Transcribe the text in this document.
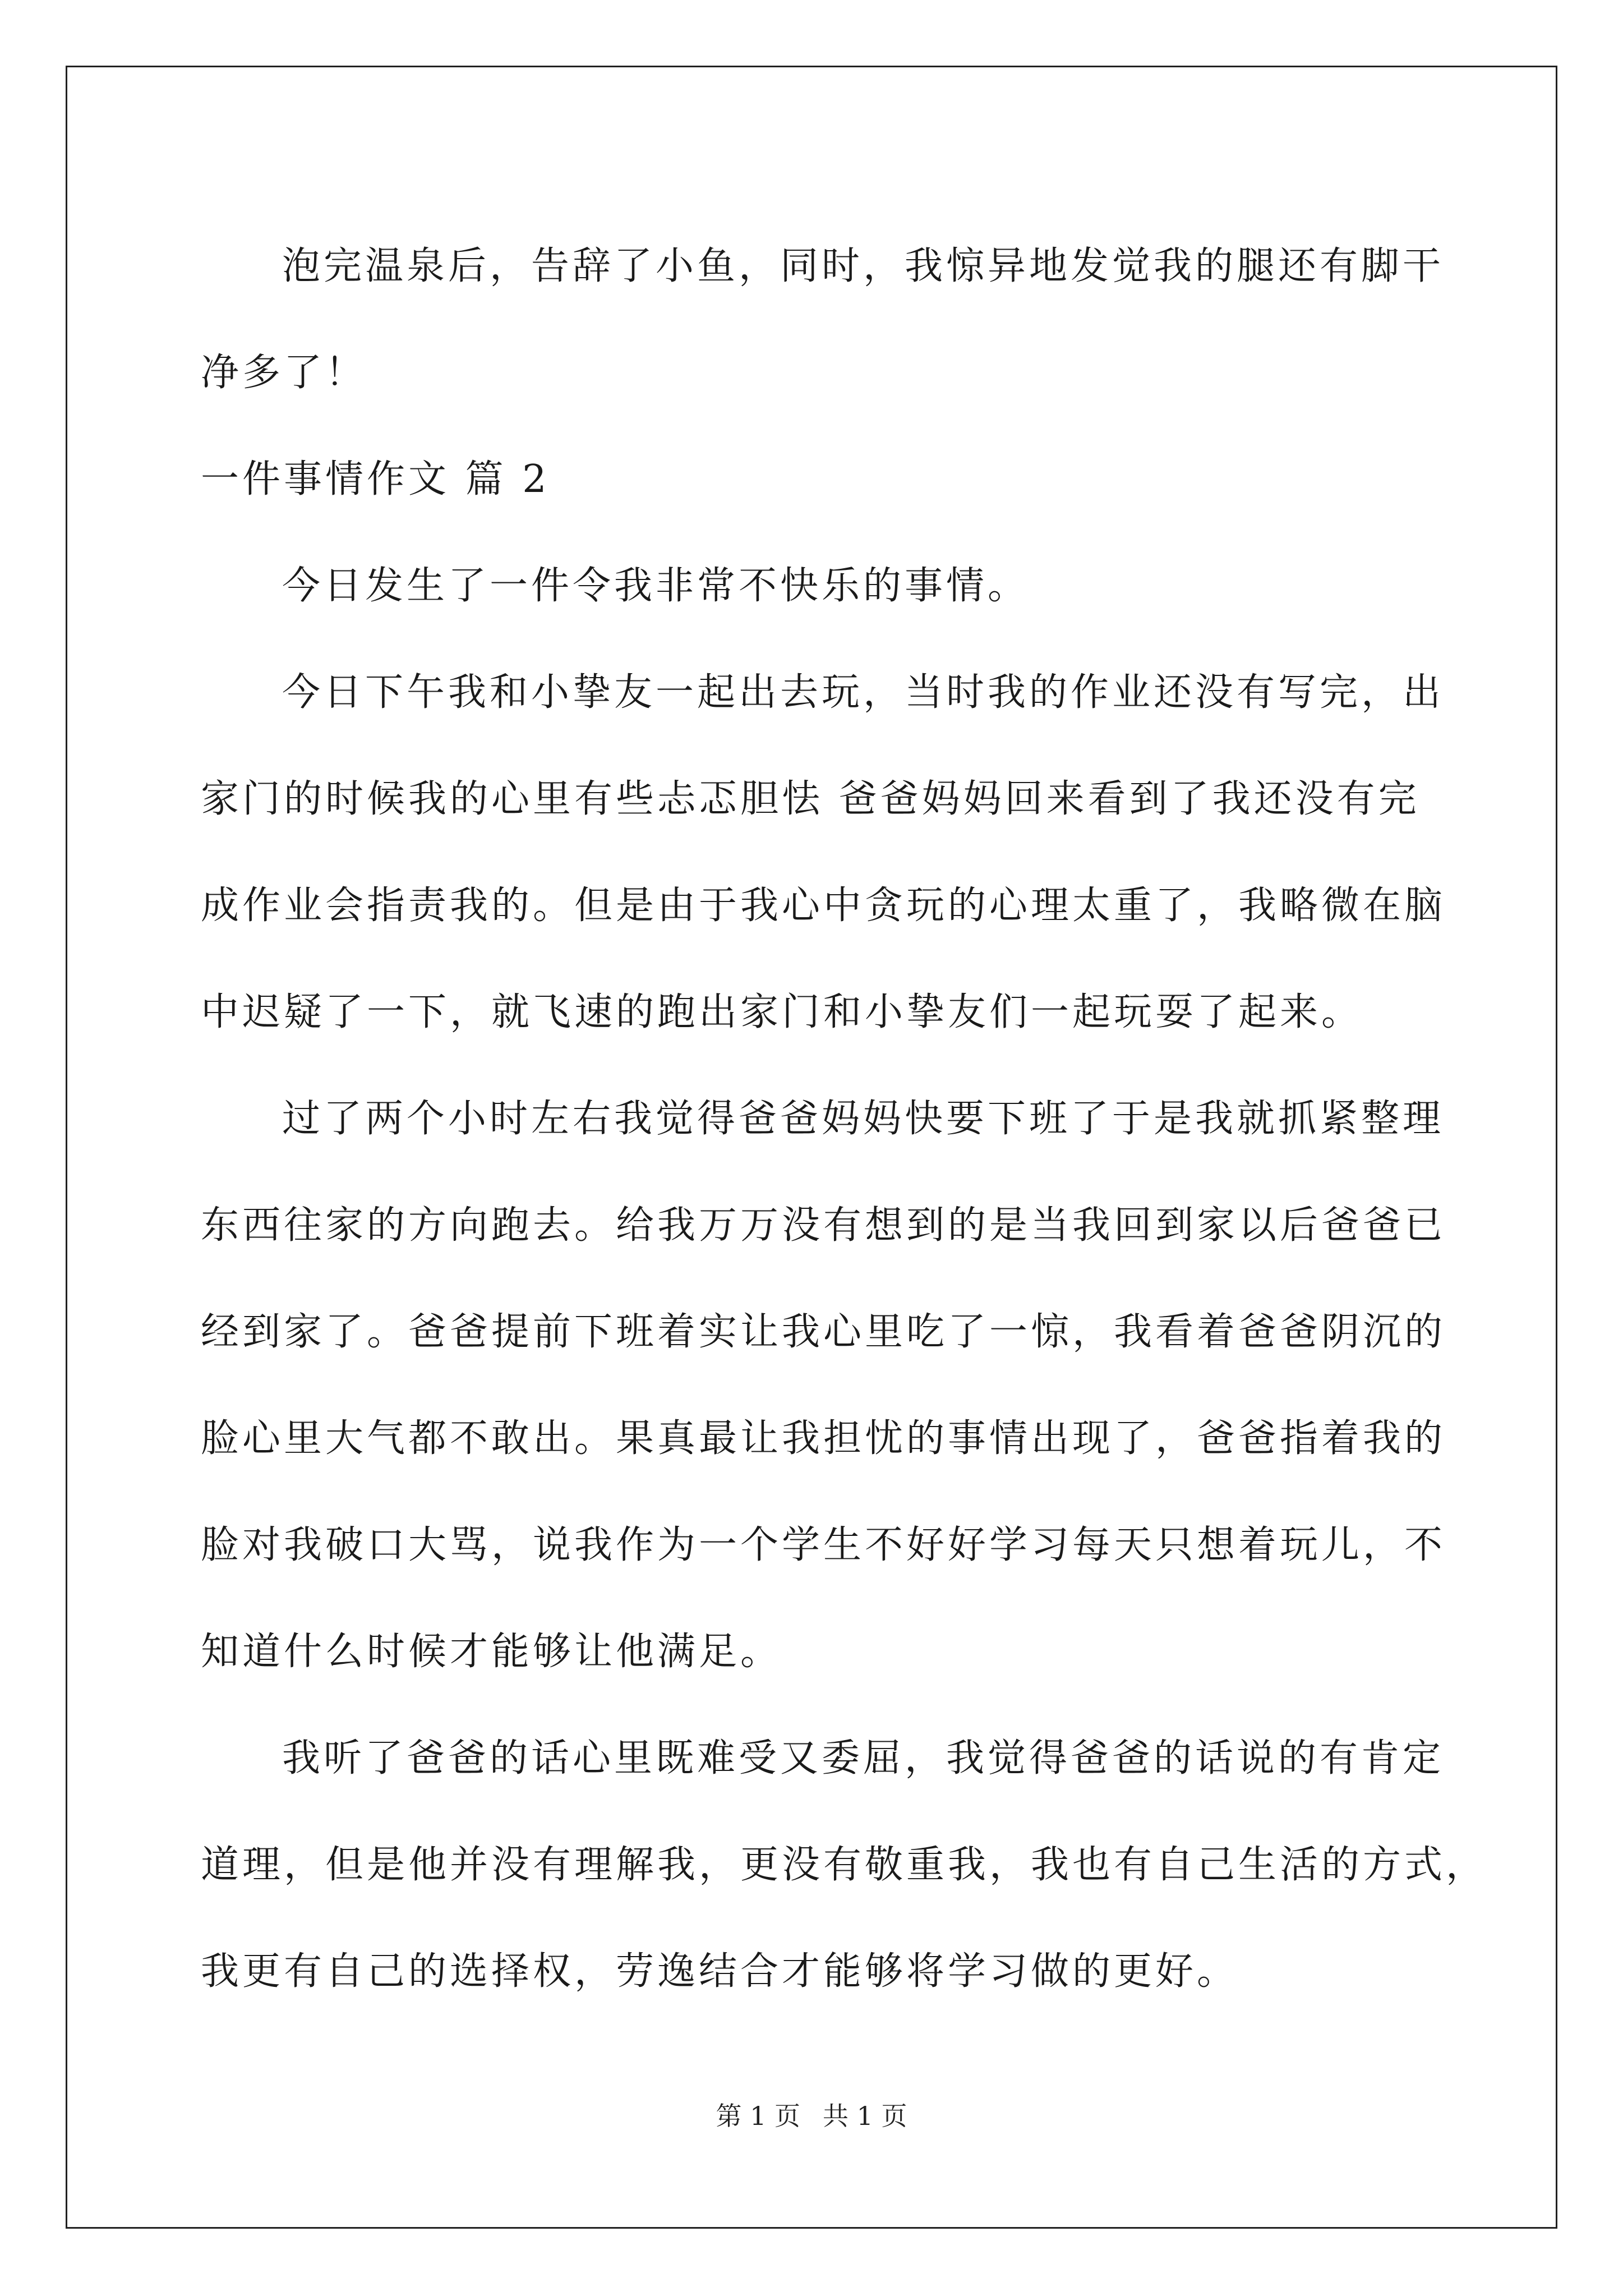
泡完温泉后，告辞了小鱼，同时，我惊异地发觉我的腿还有脚干
净多了！
一件事情作文 篇 2
今日发生了一件令我非常不快乐的事情。
今日下午我和小挚友一起出去玩，当时我的作业还没有写完，出
家门的时候我的心里有些忐忑胆怯 爸爸妈妈回来看到了我还没有完
成作业会指责我的。但是由于我心中贪玩的心理太重了，我略微在脑
中迟疑了一下，就飞速的跑出家门和小挚友们一起玩耍了起来。
过了两个小时左右我觉得爸爸妈妈快要下班了于是我就抓紧整理
东西往家的方向跑去。给我万万没有想到的是当我回到家以后爸爸已
经到家了。爸爸提前下班着实让我心里吃了一惊，我看着爸爸阴沉的
脸心里大气都不敢出。果真最让我担忧的事情出现了，爸爸指着我的
脸对我破口大骂，说我作为一个学生不好好学习每天只想着玩儿，不
知道什么时候才能够让他满足。
我听了爸爸的话心里既难受又委屈，我觉得爸爸的话说的有肯定
道理，但是他并没有理解我，更没有敬重我，我也有自己生活的方式，
我更有自己的选择权，劳逸结合才能够将学习做的更好。
第 1 页 共 1 页
